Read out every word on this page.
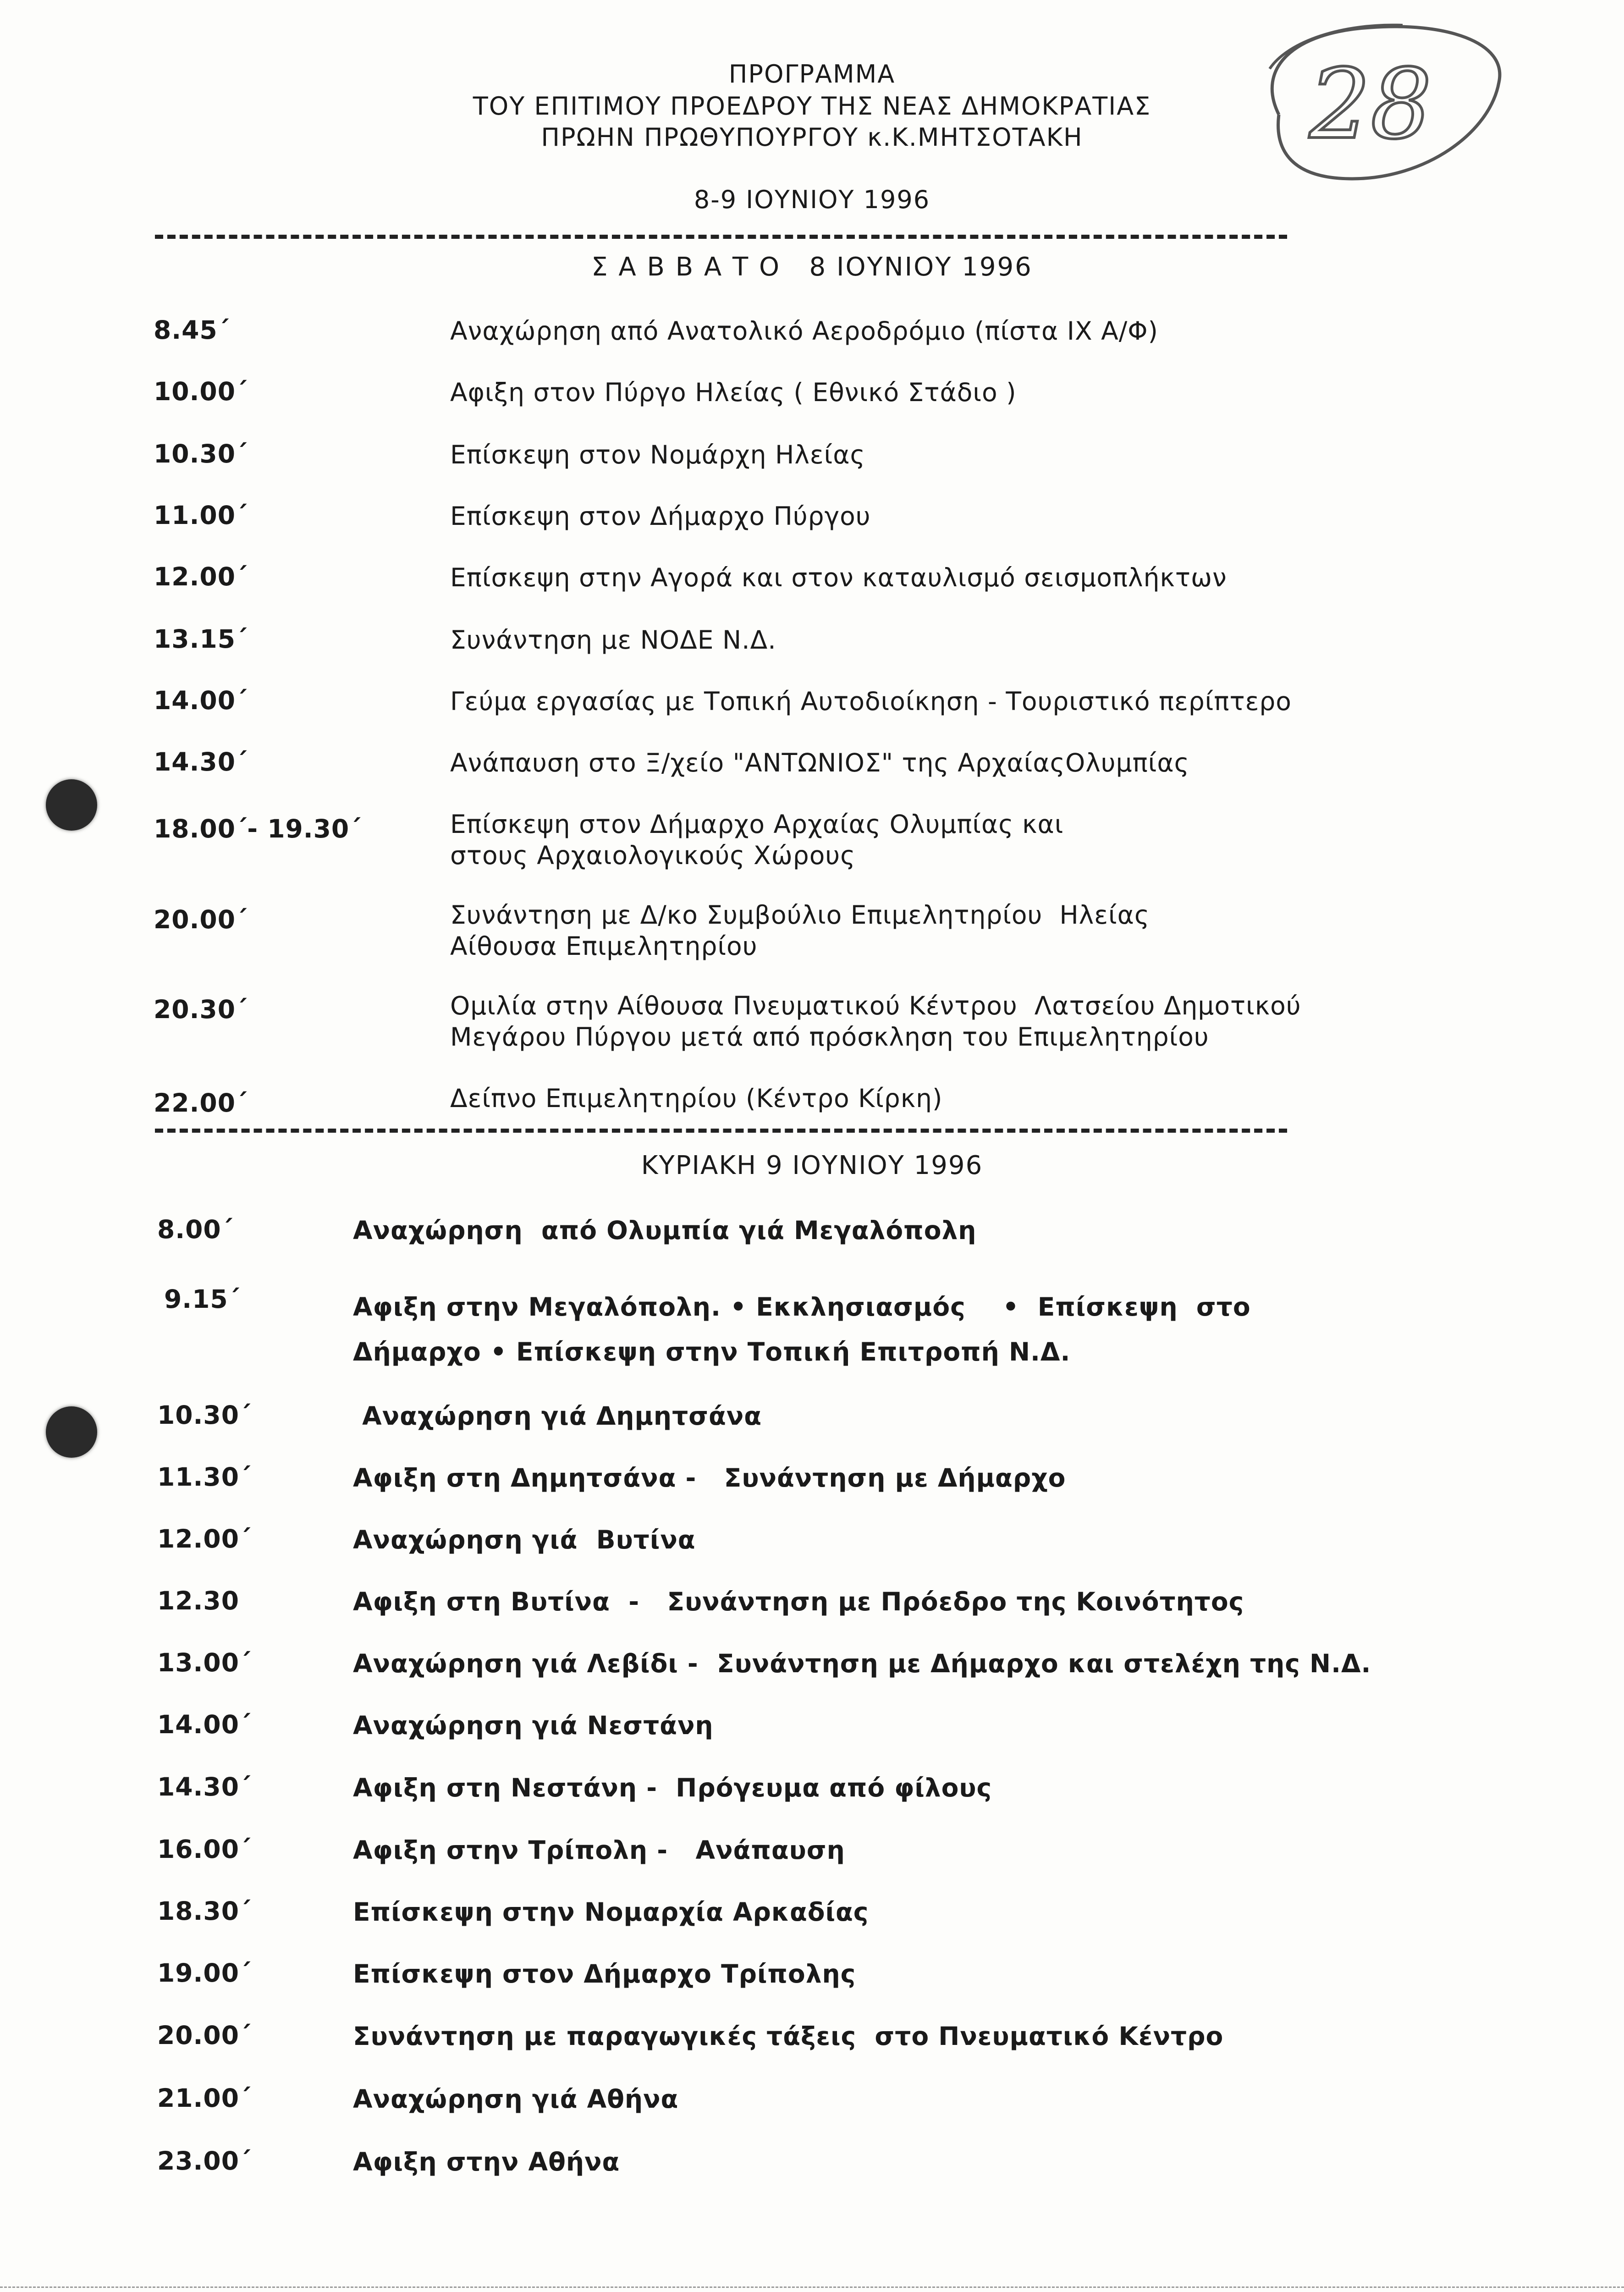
ΠΡΟΓΡΑΜΜΑ
ΤΟΥ ΕΠΙΤΙΜΟΥ ΠΡΟΕΔΡΟΥ ΤΗΣ ΝΕΑΣ ΔΗΜΟΚΡΑΤΙΑΣ
ΠΡΩΗΝ ΠΡΩΘΥΠΟΥΡΓΟΥ κ.Κ.ΜΗΤΣΟΤΑΚΗ
8-9 ΙΟΥΝΙΟΥ 1996
28
Σ Α Β Β Α Τ Ο   8 ΙΟΥΝΙΟΥ 1996
8.45΄	Αναχώρηση από Ανατολικό Αεροδρόμιο (πίστα ΙΧ Α/Φ)
10.00΄	Αφιξη στον Πύργο Ηλείας ( Εθνικό Στάδιο )
10.30΄	Επίσκεψη στον Νομάρχη Ηλείας
11.00΄	Επίσκεψη στον Δήμαρχο Πύργου
12.00΄	Επίσκεψη στην Αγορά και στον καταυλισμό σεισμοπλήκτων
13.15΄	Συνάντηση με ΝΟΔΕ Ν.Δ.
14.00΄	Γεύμα εργασίας με Τοπική Αυτοδιοίκηση - Τουριστικό περίπτερο
14.30΄	Ανάπαυση στο Ξ/χείο "ΑΝΤΩΝΙΟΣ" της ΑρχαίαςΟλυμπίας
18.00΄- 19.30΄	Επίσκεψη στον Δήμαρχο Αρχαίας Ολυμπίας και
στους Αρχαιολογικούς Χώρους
20.00΄	Συνάντηση με Δ/κο Συμβούλιο Επιμελητηρίου  Ηλείας
Αίθουσα Επιμελητηρίου
20.30΄	Ομιλία στην Αίθουσα Πνευματικού Κέντρου  Λατσείου Δημοτικού
Μεγάρου Πύργου μετά από πρόσκληση του Επιμελητηρίου
22.00΄	Δείπνο Επιμελητηρίου (Κέντρο Κίρκη)
ΚΥΡΙΑΚΗ 9 ΙΟΥΝΙΟΥ 1996
8.00΄	Αναχώρηση  από Ολυμπία γιά Μεγαλόπολη
9.15΄	Αφιξη στην Μεγαλόπολη. • Εκκλησιασμός    •  Επίσκεψη  στο
Δήμαρχο • Επίσκεψη στην Τοπική Επιτροπή Ν.Δ.
10.30΄	Αναχώρηση γιά Δημητσάνα
11.30΄	Αφιξη στη Δημητσάνα -   Συνάντηση με Δήμαρχο
12.00΄	Αναχώρηση γιά  Βυτίνα
12.30	Αφιξη στη Βυτίνα  -   Συνάντηση με Πρόεδρο της Κοινότητος
13.00΄	Αναχώρηση γιά Λεβίδι -  Συνάντηση με Δήμαρχο και στελέχη της Ν.Δ.
14.00΄	Αναχώρηση γιά Νεστάνη
14.30΄	Αφιξη στη Νεστάνη -  Πρόγευμα από φίλους
16.00΄	Αφιξη στην Τρίπολη -   Ανάπαυση
18.30΄	Επίσκεψη στην Νομαρχία Αρκαδίας
19.00΄	Επίσκεψη στον Δήμαρχο Τρίπολης
20.00΄	Συνάντηση με παραγωγικές τάξεις  στο Πνευματικό Κέντρο
21.00΄	Αναχώρηση γιά Αθήνα
23.00΄	Αφιξη στην Αθήνα
